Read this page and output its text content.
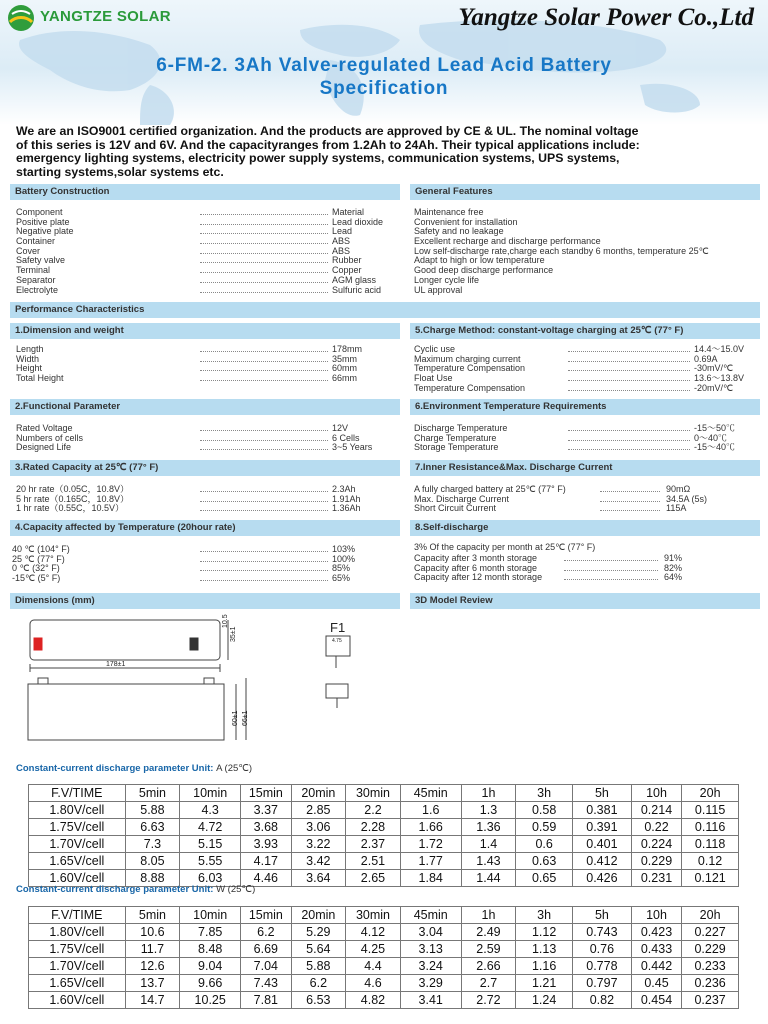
YANGTZE SOLAR	Yangtze Solar Power Co.,Ltd
6-FM-2. 3Ah Valve-regulated Lead Acid Battery
Specification
We are an ISO9001 certified organization. And the products are approved by CE & UL. The nominal voltage
of this series is 12V and 6V. And the capacityranges from 1.2Ah to 24Ah. Their typical applications include:
emergency lighting systems, electricity power supply systems, communication systems, UPS systems,
starting systems,solar systems etc.
Battery Construction	General Features
Component	Material
Positive plate	Lead dioxide
Negative plate	Lead
Container	ABS
Cover	ABS
Safety valve	Rubber
Terminal	Copper
Separator	AGM glass
Electrolyte	Sulfuric acid
Maintenance free
Convenient for installation
Safety and no leakage
Excellent recharge and discharge performance
Low self-discharge rate,charge each standby 6 months, temperature 25℃
Adapt to high or low temperature
Good deep discharge performance
Longer cycle life
UL approval
Performance Characteristics
1.Dimension and weight
Length	178mm
Width	35mm
Height	60mm
Total Height	66mm
2.Functional Parameter
Rated Voltage	12V
Numbers of cells	6 Cells
Designed Life	3~5 Years
3.Rated Capacity at 25℃ (77° F)
20 hr rate（0.05C，10.8V）	2.3Ah
5 hr rate（0.165C，10.8V）	1.91Ah
1 hr rate（0.55C，10.5V）	1.36Ah
4.Capacity affected by Temperature (20hour rate)
40 ℃ (104° F)	103%
25 ℃ (77° F)	100%
0 ℃ (32° F)	85%
-15℃ (5° F)	65%
5.Charge Method: constant-voltage charging at 25℃ (77° F)
Cyclic use	14.4～15.0V
Maximum charging current	0.69A
Temperature Compensation	-30mV/℃
Float Use	13.6～13.8V
Temperature Compensation	-20mV/℃
6.Environment Temperature Requirements
Discharge Temperature	-15～50℃
Charge Temperature	0～40℃
Storage Temperature	-15～40℃
7.Inner Resistance&Max. Discharge Current
A fully charged battery at 25℃ (77° F)	90mΩ
Max. Discharge Current	34.5A (5s)
Short Circuit Current	115A
8.Self-discharge
3% Of the capacity per month at 25℃ (77° F)
Capacity after 3 month storage	91%
Capacity after 6 month storage	82%
Capacity after 12 month storage	64%
Dimensions (mm)	3D Model Review
178±1
10.5
35±1
60±1 66±1
F1
4.75
Constant-current discharge parameter Unit: A (25℃)
F.V/TIME	5min	10min	15min	20min	30min	45min	1h	3h	5h	10h	20h
1.80V/cell	5.88	4.3	3.37	2.85	2.2	1.6	1.3	0.58	0.381	0.214	0.115
1.75V/cell	6.63	4.72	3.68	3.06	2.28	1.66	1.36	0.59	0.391	0.22	0.116
1.70V/cell	7.3	5.15	3.93	3.22	2.37	1.72	1.4	0.6	0.401	0.224	0.118
1.65V/cell	8.05	5.55	4.17	3.42	2.51	1.77	1.43	0.63	0.412	0.229	0.12
1.60V/cell	8.88	6.03	4.46	3.64	2.65	1.84	1.44	0.65	0.426	0.231	0.121
Constant-current discharge parameter Unit: W (25℃)
F.V/TIME	5min	10min	15min	20min	30min	45min	1h	3h	5h	10h	20h
1.80V/cell	10.6	7.85	6.2	5.29	4.12	3.04	2.49	1.12	0.743	0.423	0.227
1.75V/cell	11.7	8.48	6.69	5.64	4.25	3.13	2.59	1.13	0.76	0.433	0.229
1.70V/cell	12.6	9.04	7.04	5.88	4.4	3.24	2.66	1.16	0.778	0.442	0.233
1.65V/cell	13.7	9.66	7.43	6.2	4.6	3.29	2.7	1.21	0.797	0.45	0.236
1.60V/cell	14.7	10.25	7.81	6.53	4.82	3.41	2.72	1.24	0.82	0.454	0.237
